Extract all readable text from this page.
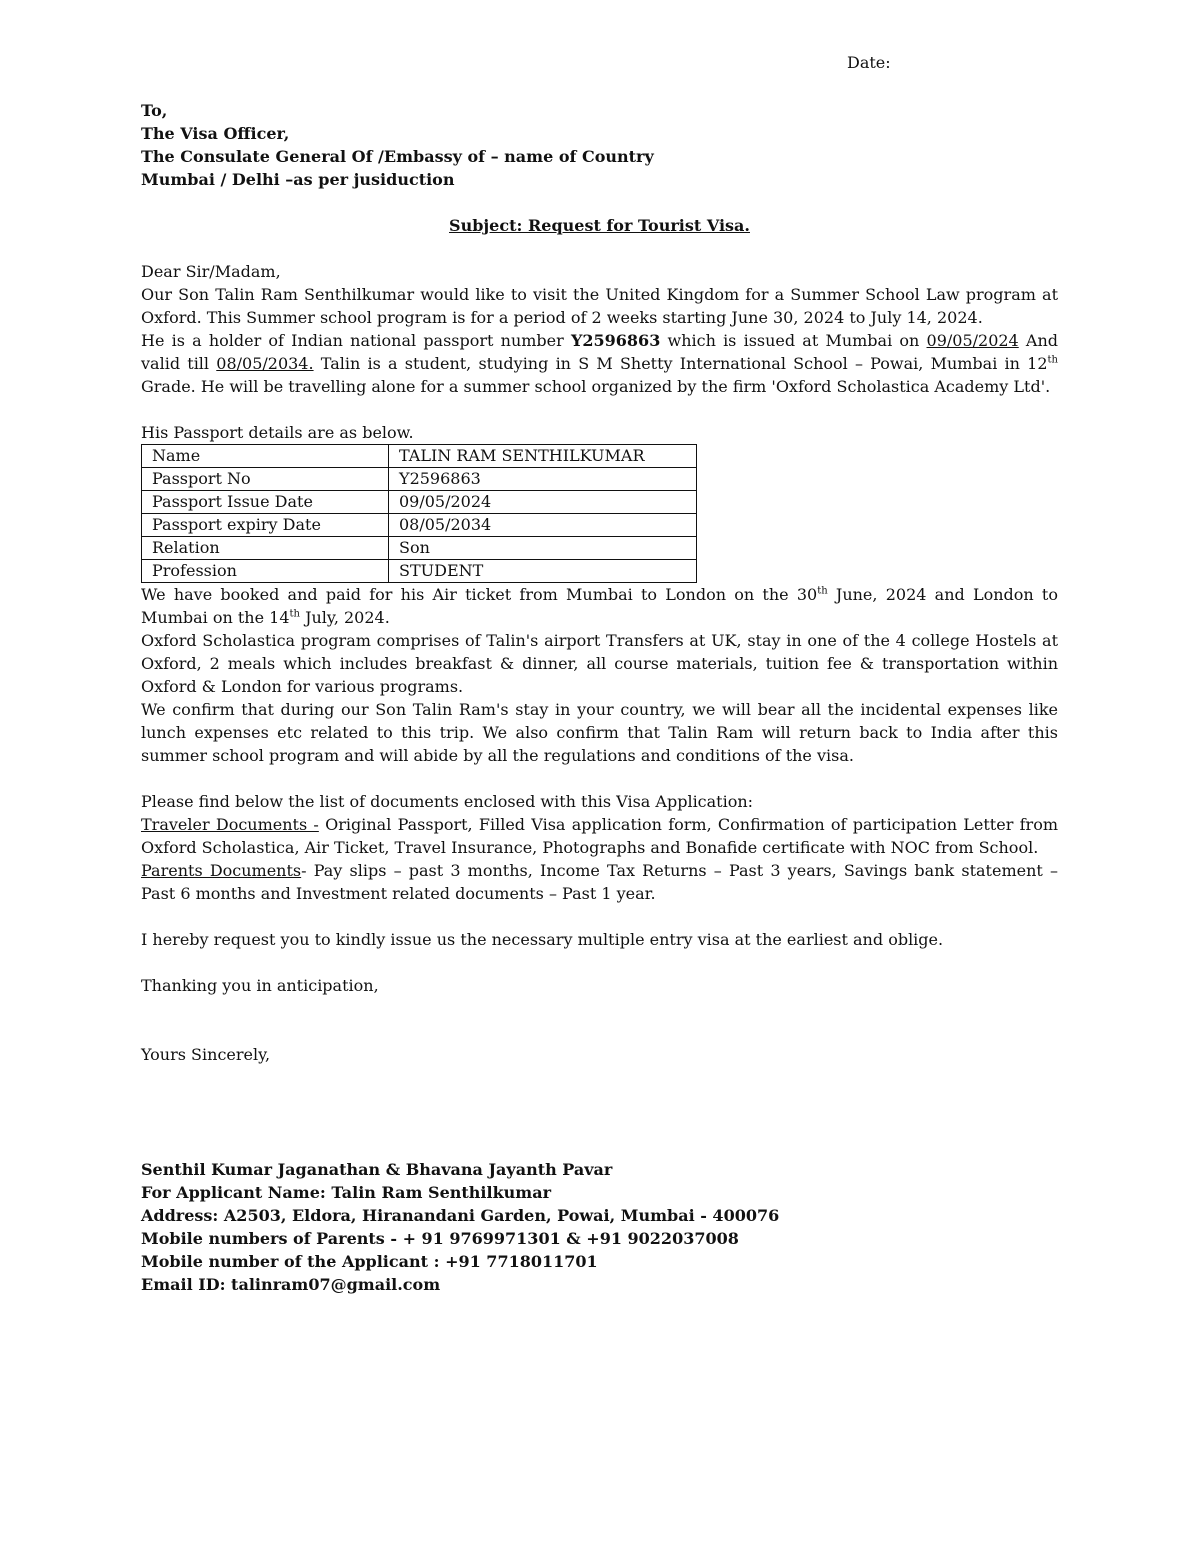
Date:

To,

The Visa Officer,

The Consulate General Of /Embassy of – name of Country

Mumbai / Delhi –as per jusiduction

Subject: Request for Tourist Visa.

Dear Sir/Madam,

Our Son Talin Ram Senthilkumar would like to visit the United Kingdom for a Summer School Law program at Oxford. This Summer school program is for a period of 2 weeks starting June 30, 2024 to July 14, 2024.

He is a holder of Indian national passport number Y2596863 which is issued at Mumbai on 09/05/2024 And valid till 08/05/2034. Talin is a student, studying in S M Shetty International School – Powai, Mumbai in 12th Grade. He will be travelling alone for a summer school organized by the firm 'Oxford Scholastica Academy Ltd'.

His Passport details are as below.

Name	TALIN RAM SENTHILKUMAR
Passport No	Y2596863
Passport Issue Date	09/05/2024
Passport expiry Date	08/05/2034
Relation	Son
Profession	STUDENT

We have booked and paid for his Air ticket from Mumbai to London on the 30th June, 2024 and London to Mumbai on the 14th July, 2024.

Oxford Scholastica program comprises of Talin's airport Transfers at UK, stay in one of the 4 college Hostels at Oxford, 2 meals which includes breakfast & dinner, all course materials, tuition fee & transportation within Oxford & London for various programs.

We confirm that during our Son Talin Ram's stay in your country, we will bear all the incidental expenses like lunch expenses etc related to this trip. We also confirm that Talin Ram will return back to India after this summer school program and will abide by all the regulations and conditions of the visa.

Please find below the list of documents enclosed with this Visa Application:

Traveler Documents - Original Passport, Filled Visa application form, Confirmation of participation Letter from Oxford Scholastica, Air Ticket, Travel Insurance, Photographs and Bonafide certificate with NOC from School.

Parents Documents- Pay slips – past 3 months, Income Tax Returns – Past 3 years, Savings bank statement – Past 6 months and Investment related documents – Past 1 year.

I hereby request you to kindly issue us the necessary multiple entry visa at the earliest and oblige.

Thanking you in anticipation,

Yours Sincerely,

Senthil Kumar Jaganathan & Bhavana Jayanth Pavar

For Applicant Name: Talin Ram Senthilkumar

Address: A2503, Eldora, Hiranandani Garden, Powai, Mumbai - 400076

Mobile numbers of Parents - + 91 9769971301 & +91 9022037008

Mobile number of the Applicant : +91 7718011701

Email ID: talinram07@gmail.com
